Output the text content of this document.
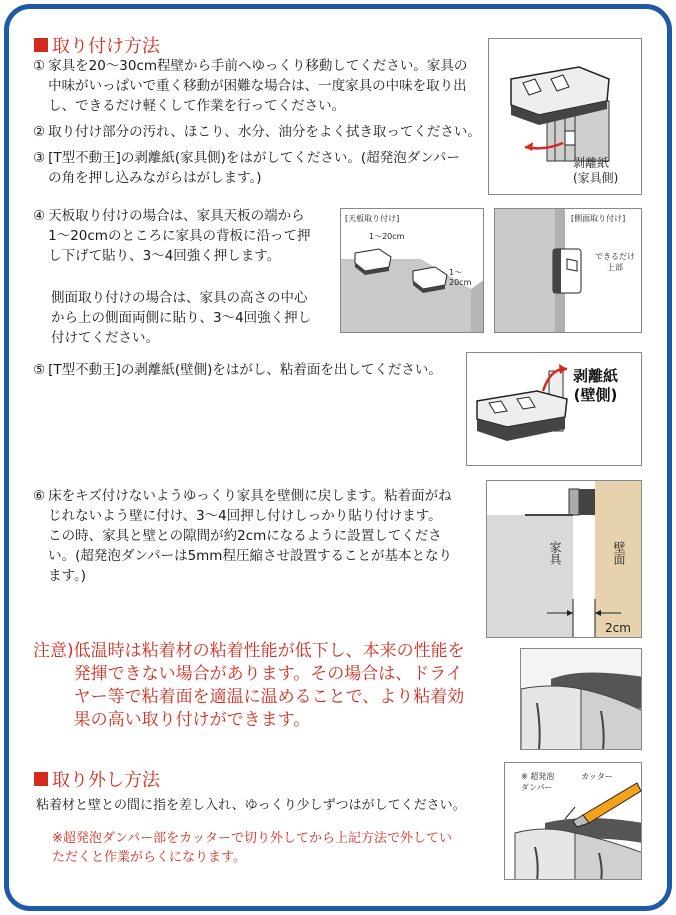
取り付け方法
① 家具を20〜30cm程壁から手前へゆっくり移動してください。家具の中味がいっぱいで重く移動が困難な場合は、一度家具の中味を取り出し、できるだけ軽くして作業を行ってください。
② 取り付け部分の汚れ、ほこり、水分、油分をよく拭き取ってください。
③ [T型不動王]の剥離紙(家具側)をはがしてください。(超発泡ダンパーの角を押し込みながらはがします。)
剥離紙
(家具側)
④ 天板取り付けの場合は、家具天板の端から1〜20cmのところに家具の背板に沿って押し下げて貼り、3〜4回強く押します。
側面取り付けの場合は、家具の高さの中心から上の側面両側に貼り、3〜4回強く押し付けてください。
[天板取り付け]
1〜20cm
1〜20cm
[側面取り付け]
できるだけ
上部
⑤ [T型不動王]の剥離紙(壁側)をはがし、粘着面を出してください。	剥離紙
(壁側)
⑥ 床をキズ付けないようゆっくり家具を壁側に戻します。粘着面がねじれないよう壁に付け、3〜4回押し付けしっかり貼り付けます。この時、家具と壁との隙間が約2cmになるように設置してください。(超発泡ダンパーは5mm程圧縮させ設置することが基本となります。)
家具	壁面
2cm
注意) 低温時は粘着材の粘着性能が低下し、本来の性能を発揮できない場合があります。その場合は、ドライヤー等で粘着面を適温に温めることで、より粘着効果の高い取り付けができます。
取り外し方法
粘着材と壁との間に指を差し入れ、ゆっくり少しずつはがしてください。
※超発泡ダンパー部をカッターで切り外してから上記方法で外していただくと作業がらくになります。
※ 超発泡
ダンパー
カッター
